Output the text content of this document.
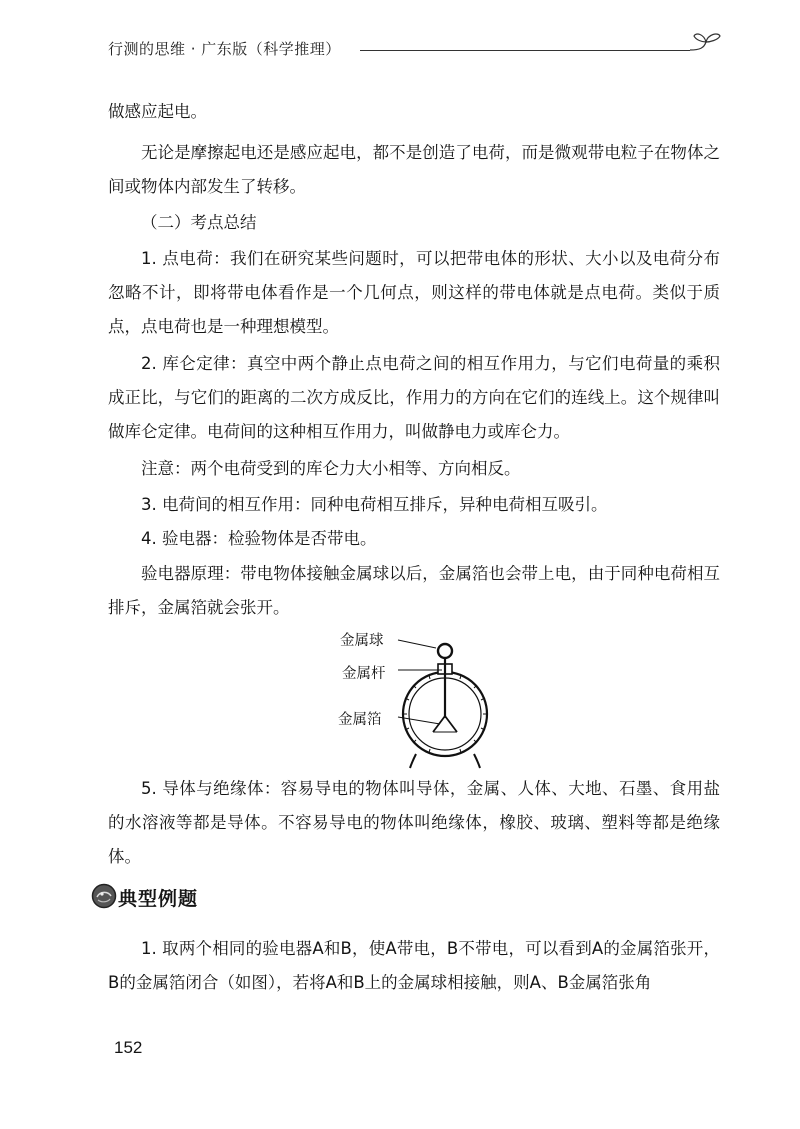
行测的思维 · 广东版（科学推理）

做感应起电。

无论是摩擦起电还是感应起电，都不是创造了电荷，而是微观带电粒子在物体之间或物体内部发生了转移。

（二）考点总结

1. 点电荷：我们在研究某些问题时，可以把带电体的形状、大小以及电荷分布忽略不计，即将带电体看作是一个几何点，则这样的带电体就是点电荷。类似于质点，点电荷也是一种理想模型。

2. 库仑定律：真空中两个静止点电荷之间的相互作用力，与它们电荷量的乘积成正比，与它们的距离的二次方成反比，作用力的方向在它们的连线上。这个规律叫做库仑定律。电荷间的这种相互作用力，叫做静电力或库仑力。

注意：两个电荷受到的库仑力大小相等、方向相反。

3. 电荷间的相互作用：同种电荷相互排斥，异种电荷相互吸引。

4. 验电器：检验物体是否带电。

验电器原理：带电物体接触金属球以后，金属箔也会带上电，由于同种电荷相互排斥，金属箔就会张开。

金属球
金属杆
金属箔

5. 导体与绝缘体：容易导电的物体叫导体，金属、人体、大地、石墨、食用盐的水溶液等都是导体。不容易导电的物体叫绝缘体，橡胶、玻璃、塑料等都是绝缘体。

典型例题

1. 取两个相同的验电器A和B，使A带电，B不带电，可以看到A的金属箔张开，B的金属箔闭合（如图），若将A和B上的金属球相接触，则A、B金属箔张角

152
